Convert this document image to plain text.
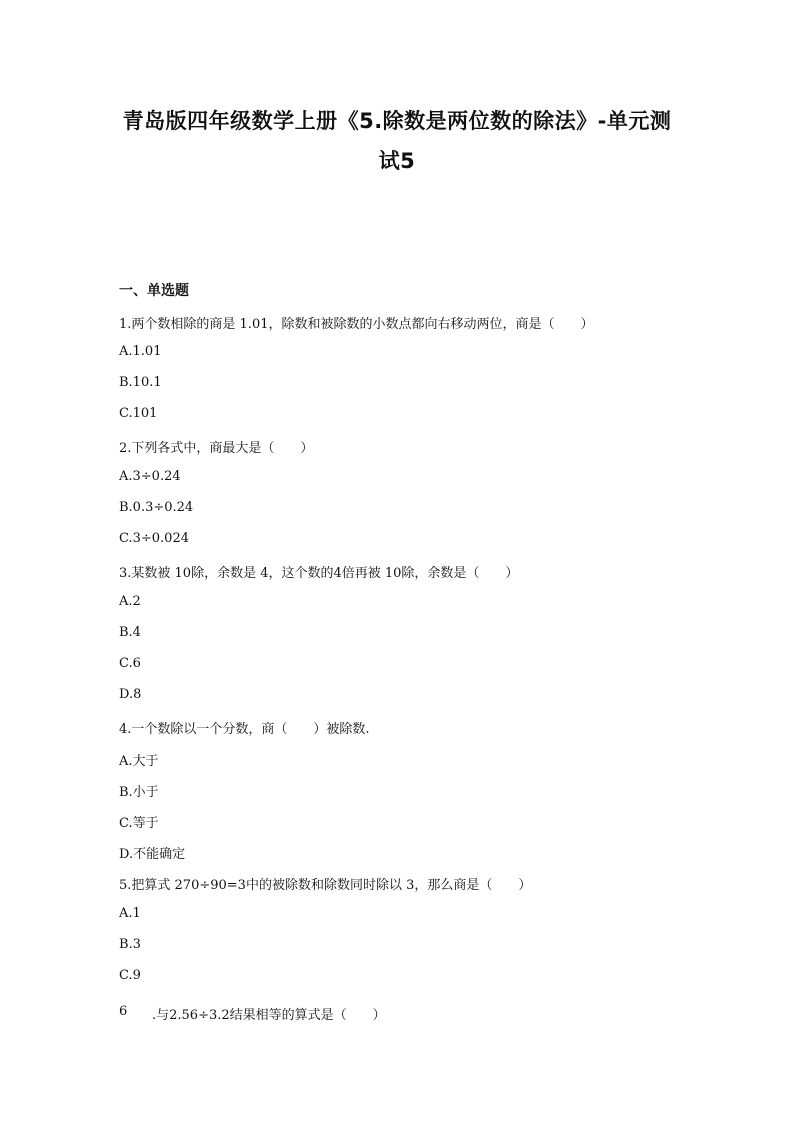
青岛版四年级数学上册《5.除数是两位数的除法》-单元测
试5
一、单选题
1.两个数相除的商是 1.01，除数和被除数的小数点都向右移动两位，商是（　　）
A.1.01
B.10.1
C.101
2.下列各式中，商最大是（　　）
A.3÷0.24
B.0.3÷0.24
C.3÷0.024
3.某数被 10除，余数是 4，这个数的4倍再被 10除，余数是（　　）
A.2
B.4
C.6
D.8
4.一个数除以一个分数，商（　　）被除数.
A.大于
B.小于
C.等于
D.不能确定
5.把算式 270÷90=3中的被除数和除数同时除以 3，那么商是（　　）
A.1
B.3
C.9
6 .与2.56÷3.2结果相等的算式是（　　）
